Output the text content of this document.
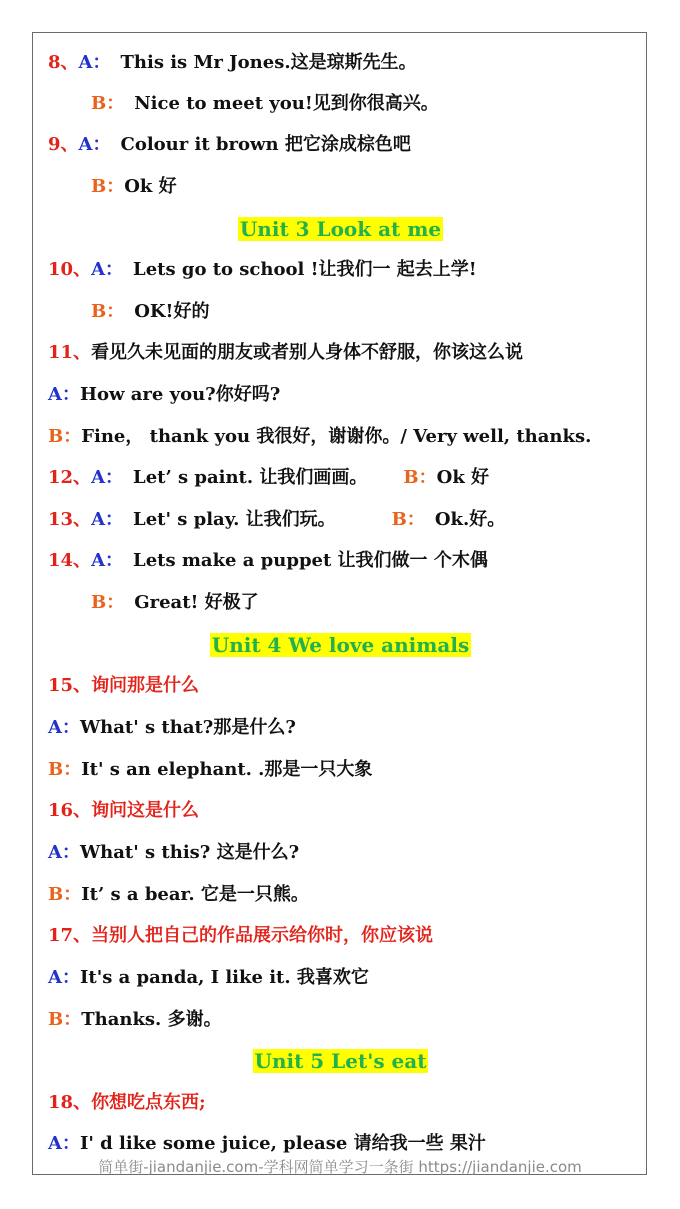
8、A： This is Mr Jones.这是琼斯先生。
B： Nice to meet you!见到你很高兴。
9、A： Colour it brown 把它涂成棕色吧
B：Ok 好
Unit 3 Look at me
10、A： Lets go to school !让我们一 起去上学!
B： OK!好的
11、看见久未见面的朋友或者别人身体不舒服，你该这么说
A：How are you?你好吗?
B：Fine， thank you 我很好，谢谢你。/ Very well, thanks.
12、A： Let’ s paint. 让我们画画。 B：Ok 好
13、A： Let' s play. 让我们玩。	B： Ok.好。
14、A： Lets make a puppet 让我们做一 个木偶
B： Great! 好极了
Unit 4 We love animals
15、询问那是什么
A：What' s that?那是什么?
B：It' s an elephant. .那是一只大象
16、询问这是什么
A：What' s this? 这是什么?
B：It’ s a bear. 它是一只熊。
17、当别人把自己的作品展示给你时，你应该说
A：It's a panda, I like it. 我喜欢它
B：Thanks. 多谢。
Unit 5 Let's eat
18、你想吃点东西;
A：I' d like some juice, please 请给我一些 果汁
简单街-jiandanjie.com-学科网简单学习一条街 https://jiandanjie.com
